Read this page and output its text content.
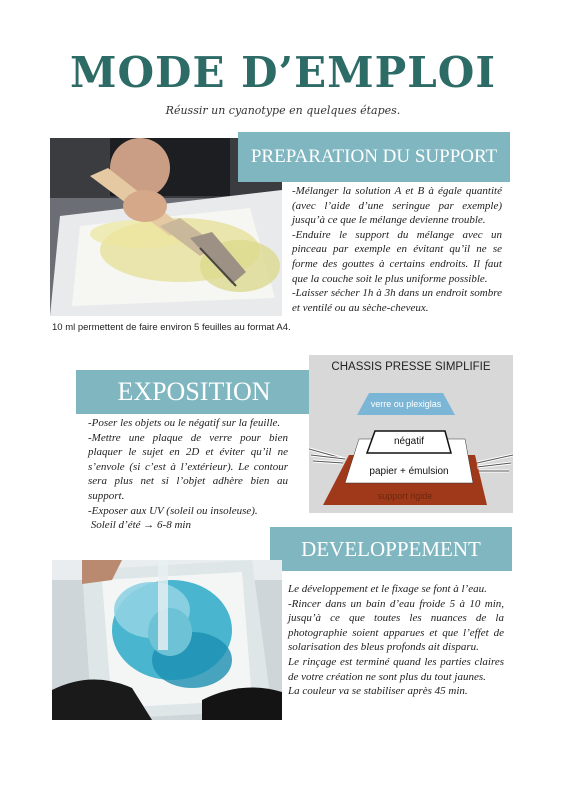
MODE D’EMPLOI
Réussir un cyanotype en quelques étapes.
10 ml permettent de faire environ 5 feuilles au format A4.
PREPARATION DU SUPPORT
-Mélanger la solution A et B à égale quantité (avec l’aide d’une seringue par exemple) jusqu’à ce que le mélange devienne trouble.
-Enduire le support du mélange avec un pinceau par exemple en évitant qu’il ne se forme des gouttes à certains endroits. Il faut que la couche soit le plus uniforme possible.
-Laisser sécher 1h à 3h dans un endroit sombre et ventilé ou au sèche-cheveux.
EXPOSITION
-Poser les objets ou le négatif sur la feuille.
-Mettre une plaque de verre pour bien plaquer le sujet en 2D et éviter qu’il ne s’envole (si c’est à l’extérieur). Le contour sera plus net si l’objet adhère bien au support.
-Exposer aux UV (soleil ou insoleuse).
Soleil d’été → 6-8 min
CHASSIS PRESSE SIMPLIFIE
verre ou plexiglas
négatif
papier + émulsion
support rigide
DEVELOPPEMENT
Le développement et le fixage se font à l’eau.
-Rincer dans un bain d’eau froide 5 à 10 min, jusqu’à ce que toutes les nuances de la photographie soient apparues et que l’effet de solarisation des bleus profonds ait disparu.
Le rinçage est terminé quand les parties claires de votre création ne sont plus du tout jaunes.
La couleur va se stabiliser après 45 min.
